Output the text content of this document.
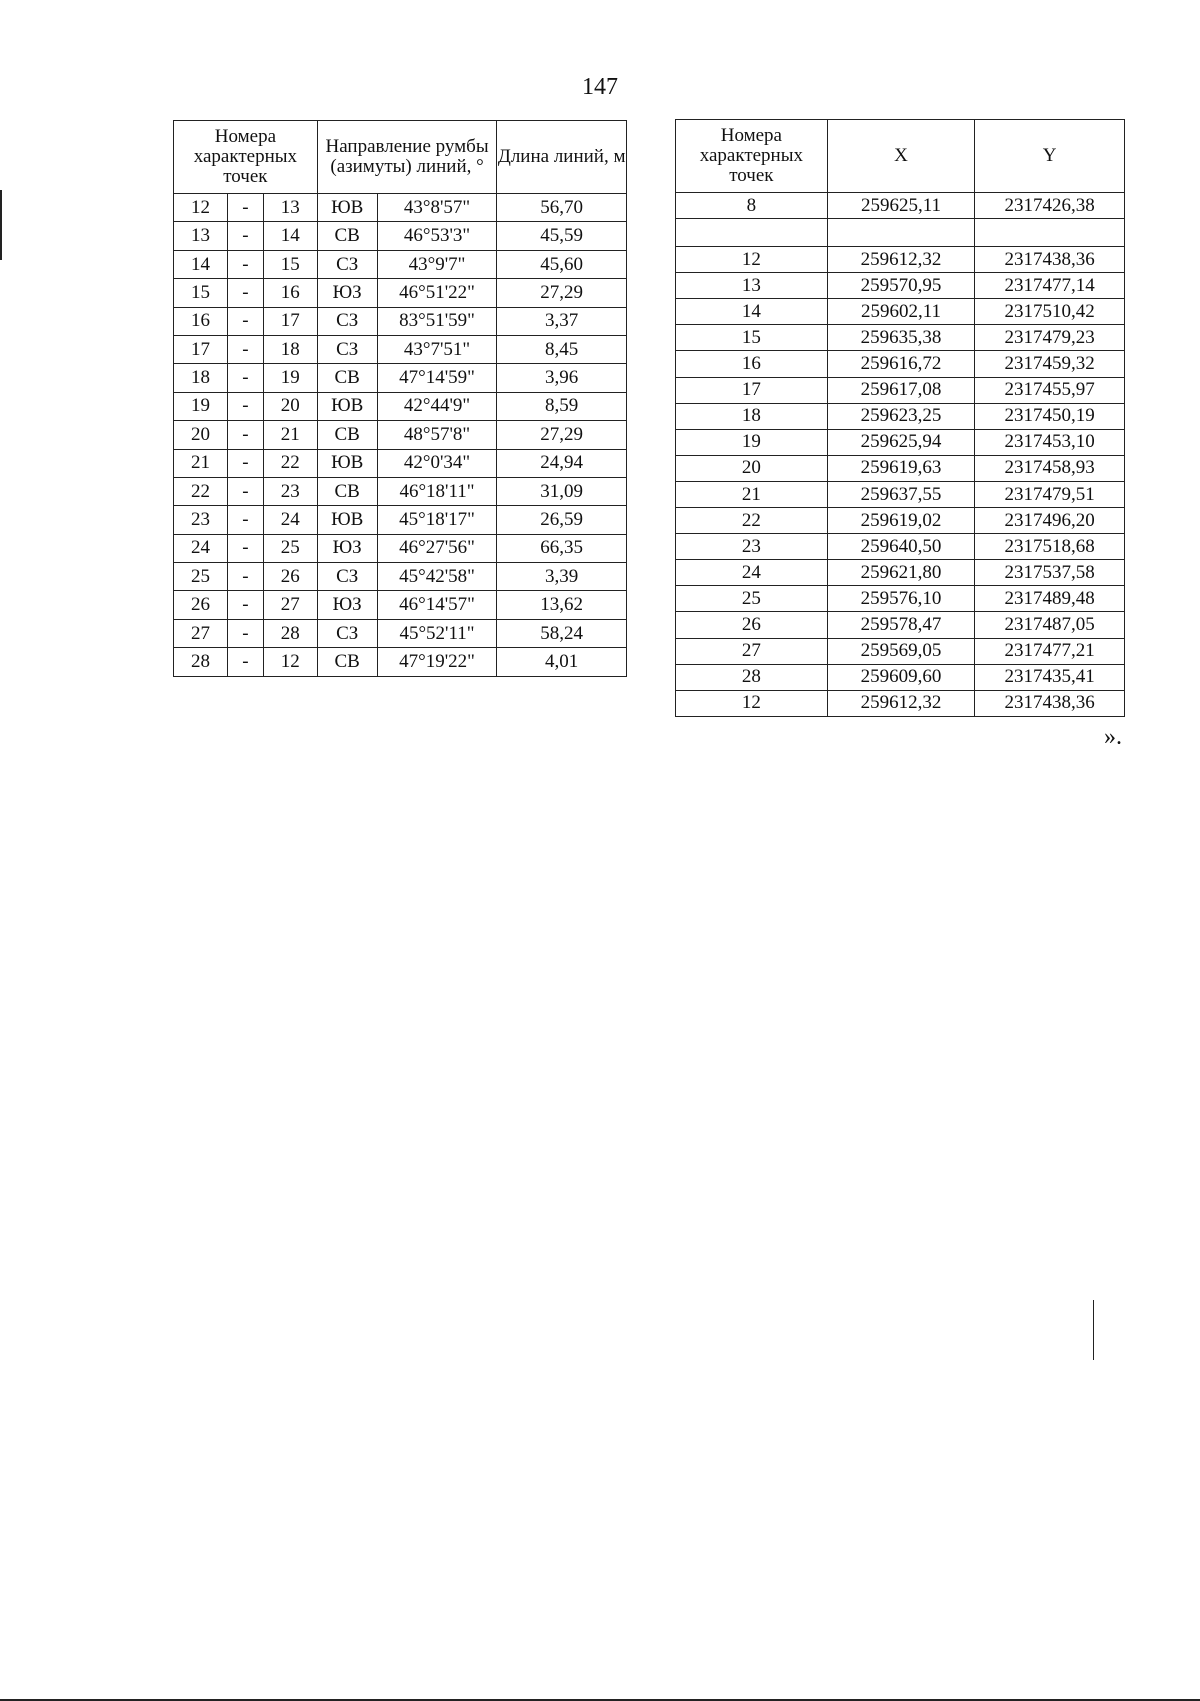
147
Номера характерных точек			Направление румбы (азимуты) линий, °		Длина линий, м
12	-	13	ЮВ	43°8'57"	56,70
13	-	14	СВ	46°53'3"	45,59
14	-	15	СЗ	43°9'7"	45,60
15	-	16	ЮЗ	46°51'22"	27,29
16	-	17	СЗ	83°51'59"	3,37
17	-	18	СЗ	43°7'51"	8,45
18	-	19	СВ	47°14'59"	3,96
19	-	20	ЮВ	42°44'9"	8,59
20	-	21	СВ	48°57'8"	27,29
21	-	22	ЮВ	42°0'34"	24,94
22	-	23	СВ	46°18'11"	31,09
23	-	24	ЮВ	45°18'17"	26,59
24	-	25	ЮЗ	46°27'56"	66,35
25	-	26	СЗ	45°42'58"	3,39
26	-	27	ЮЗ	46°14'57"	13,62
27	-	28	СЗ	45°52'11"	58,24
28	-	12	СВ	47°19'22"	4,01
Номера характерных точек	X	Y
8	259625,11	2317426,38

12	259612,32	2317438,36
13	259570,95	2317477,14
14	259602,11	2317510,42
15	259635,38	2317479,23
16	259616,72	2317459,32
17	259617,08	2317455,97
18	259623,25	2317450,19
19	259625,94	2317453,10
20	259619,63	2317458,93
21	259637,55	2317479,51
22	259619,02	2317496,20
23	259640,50	2317518,68
24	259621,80	2317537,58
25	259576,10	2317489,48
26	259578,47	2317487,05
27	259569,05	2317477,21
28	259609,60	2317435,41
12	259612,32	2317438,36
».
